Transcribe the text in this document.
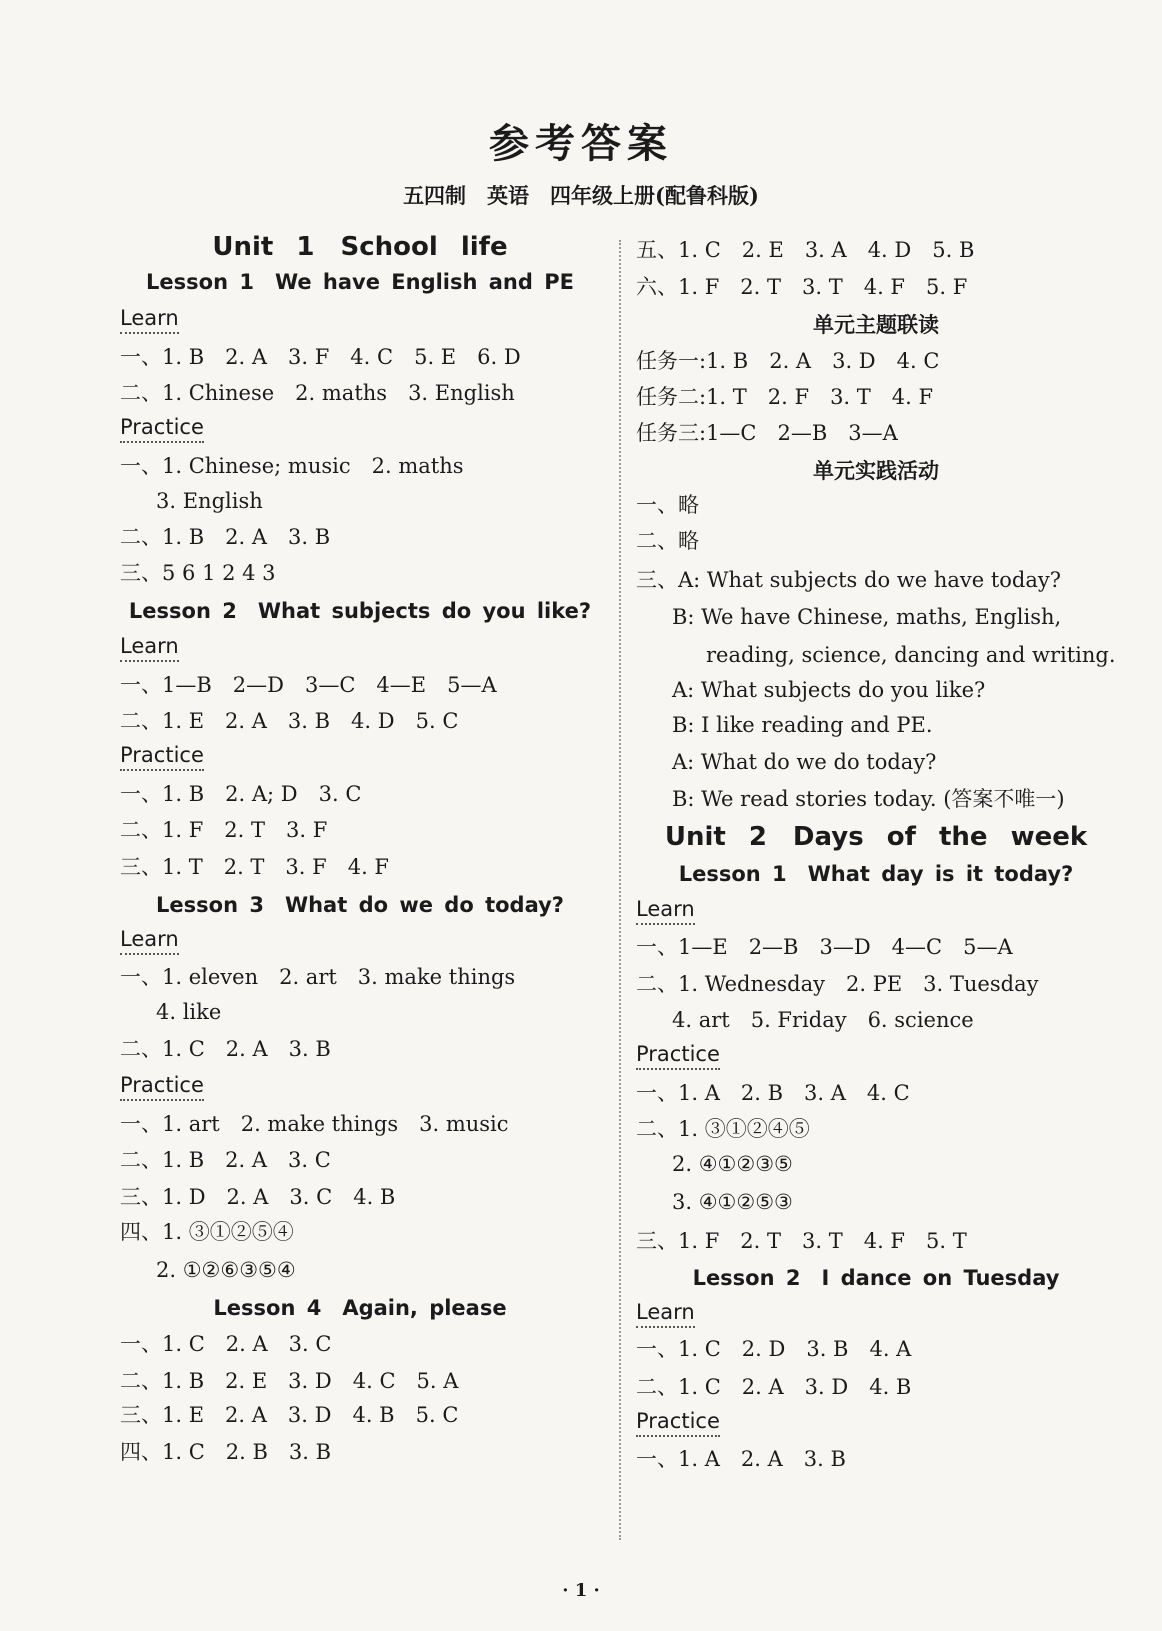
参考答案
五四制　英语　四年级上册(配鲁科版)
Unit 1　School life
Lesson 1　We have English and PE
Learn
一、1. B　2. A　3. F　4. C　5. E　6. D
二、1. Chinese　2. maths　3. English
Practice
一、1. Chinese; music　2. maths
3. English
二、1. B　2. A　3. B
三、5 6 1 2 4 3
Lesson 2　What subjects do you like?
Learn
一、1—B　2—D　3—C　4—E　5—A
二、1. E　2. A　3. B　4. D　5. C
Practice
一、1. B　2. A; D　3. C
二、1. F　2. T　3. F
三、1. T　2. T　3. F　4. F
Lesson 3　What do we do today?
Learn
一、1. eleven　2. art　3. make things
4. like
二、1. C　2. A　3. B
Practice
一、1. art　2. make things　3. music
二、1. B　2. A　3. C
三、1. D　2. A　3. C　4. B
四、1. ③①②⑤④
2. ①②⑥③⑤④
Lesson 4　Again, please
一、1. C　2. A　3. C
二、1. B　2. E　3. D　4. C　5. A
三、1. E　2. A　3. D　4. B　5. C
四、1. C　2. B　3. B
五、1. C　2. E　3. A　4. D　5. B
六、1. F　2. T　3. T　4. F　5. F
单元主题联读
任务一:1. B　2. A　3. D　4. C
任务二:1. T　2. F　3. T　4. F
任务三:1—C　2—B　3—A
单元实践活动
一、略
二、略
三、A: What subjects do we have today?
B: We have Chinese, maths, English,
reading, science, dancing and writing.
A: What subjects do you like?
B: I like reading and PE.
A: What do we do today?
B: We read stories today. (答案不唯一)
Unit 2　Days of the week
Lesson 1　What day is it today?
Learn
一、1—E　2—B　3—D　4—C　5—A
二、1. Wednesday　2. PE　3. Tuesday
4. art　5. Friday　6. science
Practice
一、1. A　2. B　3. A　4. C
二、1. ③①②④⑤
2. ④①②③⑤
3. ④①②⑤③
三、1. F　2. T　3. T　4. F　5. T
Lesson 2　I dance on Tuesday
Learn
一、1. C　2. D　3. B　4. A
二、1. C　2. A　3. D　4. B
Practice
一、1. A　2. A　3. B
· 1 ·
